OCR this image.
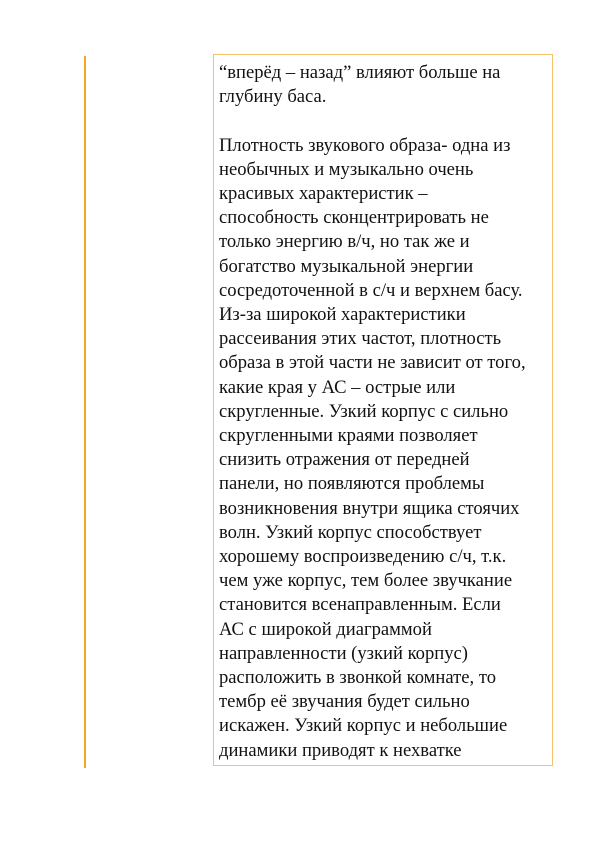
“вперёд – назад” влияют больше на
глубину баса.

Плотность звукового образа- одна из
необычных и музыкально очень
красивых характеристик –
способность сконцентрировать не
только энергию в/ч, но так же и
богатство музыкальной энергии
сосредоточенной в с/ч и верхнем басу.
Из-за широкой характеристики
рассеивания этих частот, плотность
образа в этой части не зависит от того,
какие края у АС – острые или
скругленные. Узкий корпус с сильно
скругленными краями позволяет
снизить отражения от передней
панели, но появляются проблемы
возникновения внутри ящика стоячих
волн. Узкий корпус способствует
хорошему воспроизведению с/ч, т.к.
чем уже корпус, тем более звучкание
становится всенаправленным. Если
АС с широкой диаграммой
направленности (узкий корпус)
расположить в звонкой комнате, то
тембр её звучания будет сильно
искажен. Узкий корпус и небольшие
динамики приводят к нехватке
